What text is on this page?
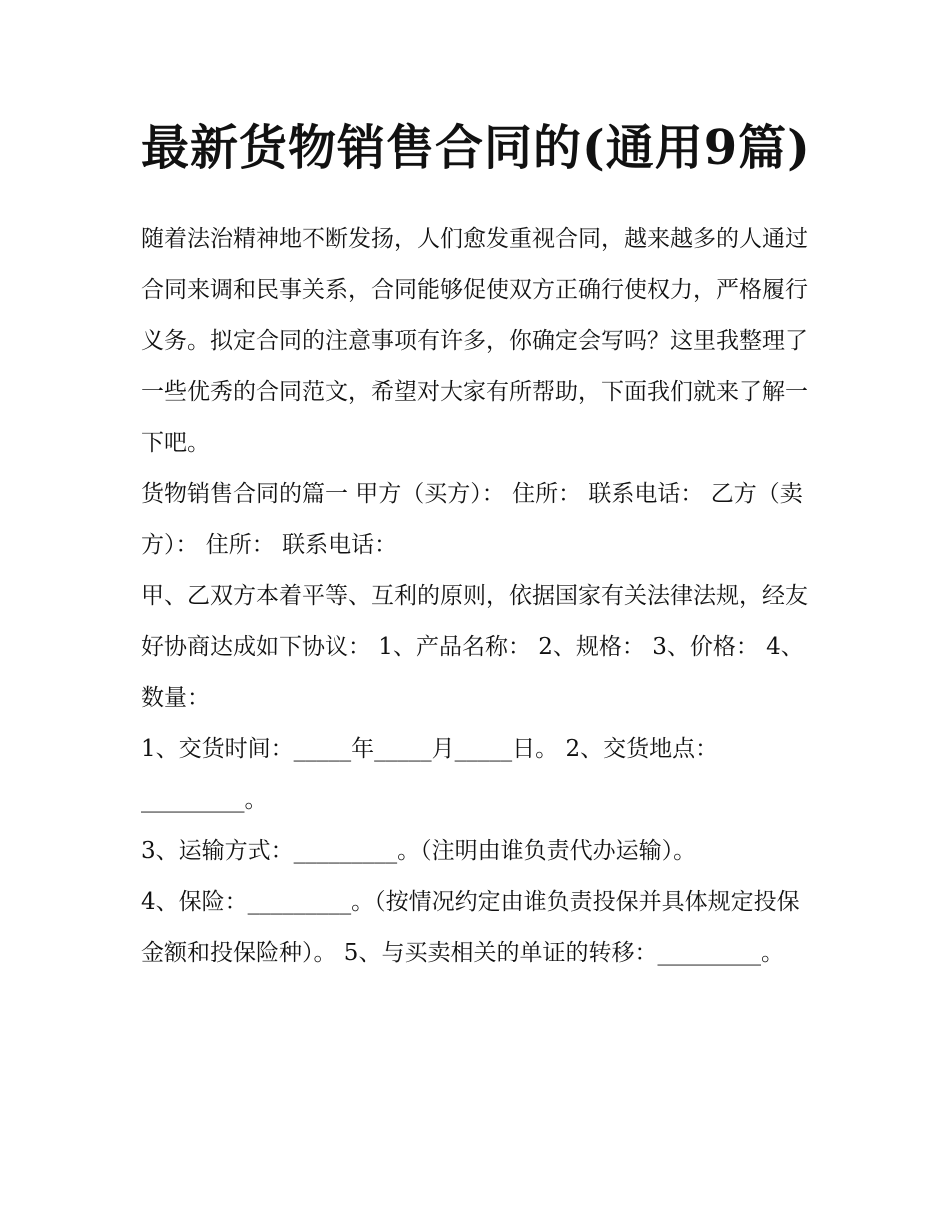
最新货物销售合同的(通用9篇)

随着法治精神地不断发扬，人们愈发重视合同，越来越多的人通过合同来调和民事关系，合同能够促使双方正确行使权力，严格履行义务。拟定合同的注意事项有许多，你确定会写吗？这里我整理了一些优秀的合同范文，希望对大家有所帮助，下面我们就来了解一下吧。

货物销售合同的篇一 甲方（买方）： 住所： 联系电话： 乙方（卖方）： 住所： 联系电话：

甲、乙双方本着平等、互利的原则，依据国家有关法律法规，经友好协商达成如下协议： 1、产品名称： 2、规格： 3、价格： 4、数量：

1、交货时间：_____年_____月_____日。 2、交货地点：_________。

3、运输方式：_________。（注明由谁负责代办运输）。

4、保险：_________。（按情况约定由谁负责投保并具体规定投保金额和投保险种）。 5、与买卖相关的单证的转移：_________。
